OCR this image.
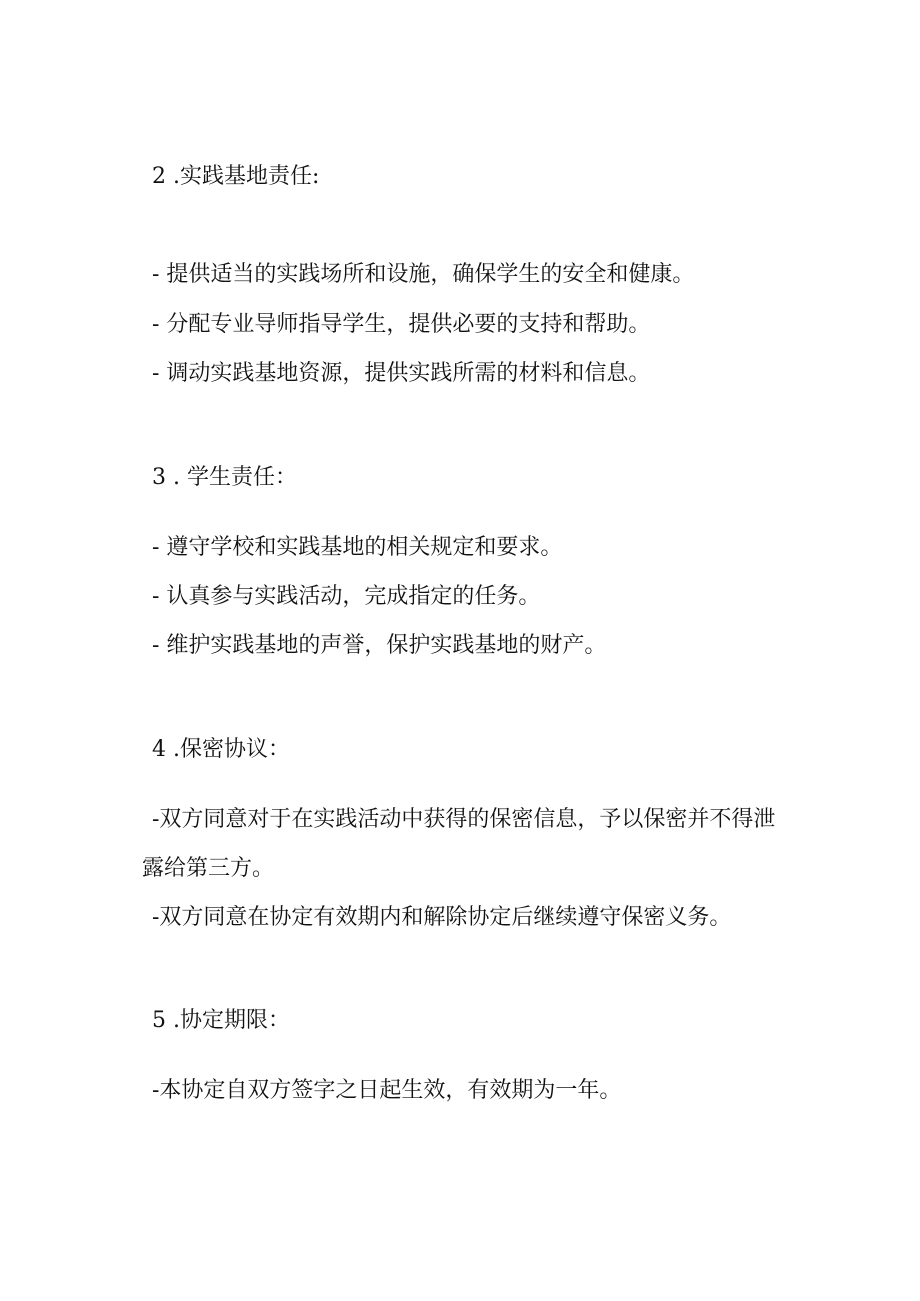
2 .实践基地责任:
- 提供适当的实践场所和设施，确保学生的安全和健康。
- 分配专业导师指导学生，提供必要的支持和帮助。
- 调动实践基地资源，提供实践所需的材料和信息。
3 . 学生责任：
- 遵守学校和实践基地的相关规定和要求。
- 认真参与实践活动，完成指定的任务。
- 维护实践基地的声誉，保护实践基地的财产。
4 .保密协议：
-双方同意对于在实践活动中获得的保密信息，予以保密并不得泄
露给第三方。
-双方同意在协定有效期内和解除协定后继续遵守保密义务。
5 .协定期限：
-本协定自双方签字之日起生效，有效期为一年。
